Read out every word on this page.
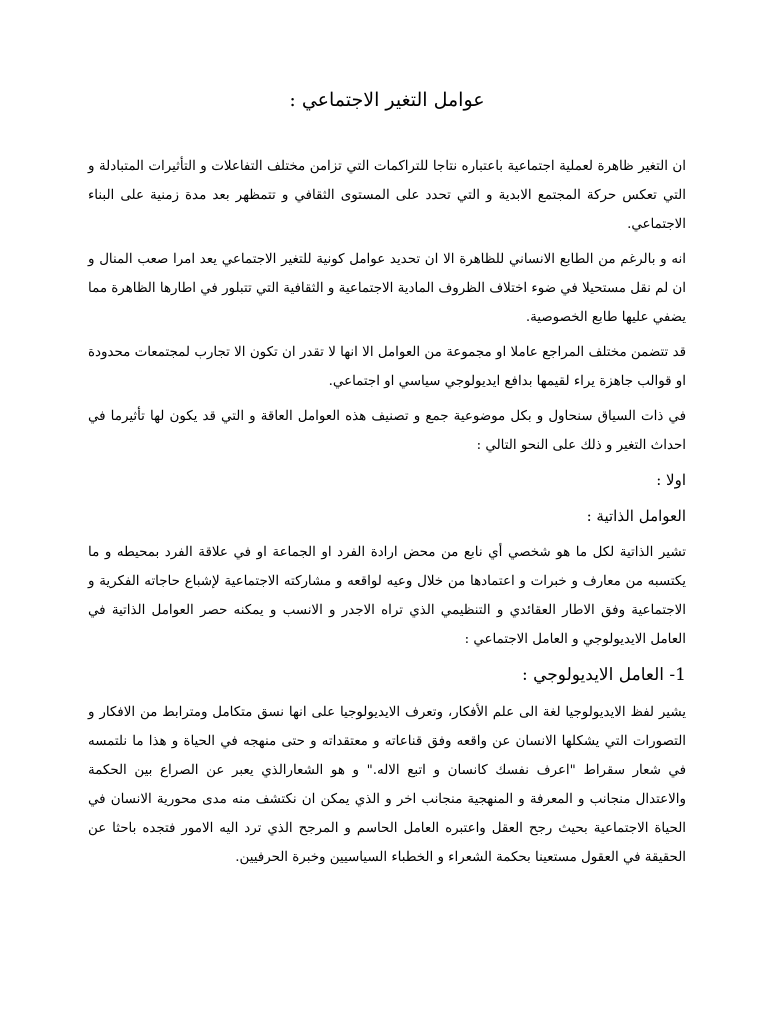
عوامل التغير الاجتماعي :

ان التغير ظاهرة لعملية اجتماعية باعتباره نتاجا للتراكمات التي تزامن مختلف التفاعلات و التأثيرات المتبادلة و التي تعكس حركة المجتمع الابدية و التي تحدد على المستوى الثقافي و تتمظهر بعد مدة زمنية على البناء الاجتماعي.

انه و بالرغم من الطابع الانساني للظاهرة الا ان تحديد عوامل كونية للتغير الاجتماعي يعد امرا صعب المنال و ان لم نقل مستحيلا في ضوء اختلاف الظروف المادية الاجتماعية و الثقافية التي تتبلور في اطارها الظاهرة مما يضفي عليها طابع الخصوصية.

قد تتضمن مختلف المراجع عاملا او مجموعة من العوامل الا انها لا تقدر ان تكون الا تجارب لمجتمعات محدودة او قوالب جاهزة يراء لقيمها بدافع ايديولوجي سياسي او اجتماعي.

في ذات السياق سنحاول و بكل موضوعية جمع و تصنيف هذه العوامل العاقة و التي قد يكون لها تأثيرما في احداث التغير و ذلك على النحو التالي :

اولا :
العوامل الذاتية :

تشير الذاتية لكل ما هو شخصي أي نابع من محض ارادة الفرد او الجماعة او في علاقة الفرد بمحيطه و ما يكتسبه من معارف و خبرات و اعتمادها من خلال وعيه لواقعه و مشاركته الاجتماعية لإشباع حاجاته الفكرية و الاجتماعية وفق الاطار العقائدي و التنظيمي الذي تراه الاجدر و الانسب و يمكنه حصر العوامل الذاتية في العامل الايديولوجي و العامل الاجتماعي :

1- العامل الايديولوجي :

يشير لفظ الايديولوجيا لغة الى علم الأفكار، وتعرف الايديولوجيا على انها نسق متكامل ومترابط من الافكار و التصورات التي يشكلها الانسان عن واقعه وفق قناعاته و معتقداته و حتى منهجه في الحياة و هذا ما نلتمسه في شعار سقراط "اعرف نفسك كانسان و اتبع الاله." و هو الشعارالذي يعبر عن الصراع بين الحكمة والاعتدال منجانب و المعرفة و المنهجية منجانب اخر و الذي يمكن ان نكتشف منه مدى محورية الانسان في الحياة الاجتماعية بحيث رجح العقل واعتبره العامل الحاسم و المرجح الذي ترد اليه الامور فتجده باحثا عن الحقيقة في العقول مستعينا بحكمة الشعراء و الخطباء السياسيين وخبرة الحرفيين.
